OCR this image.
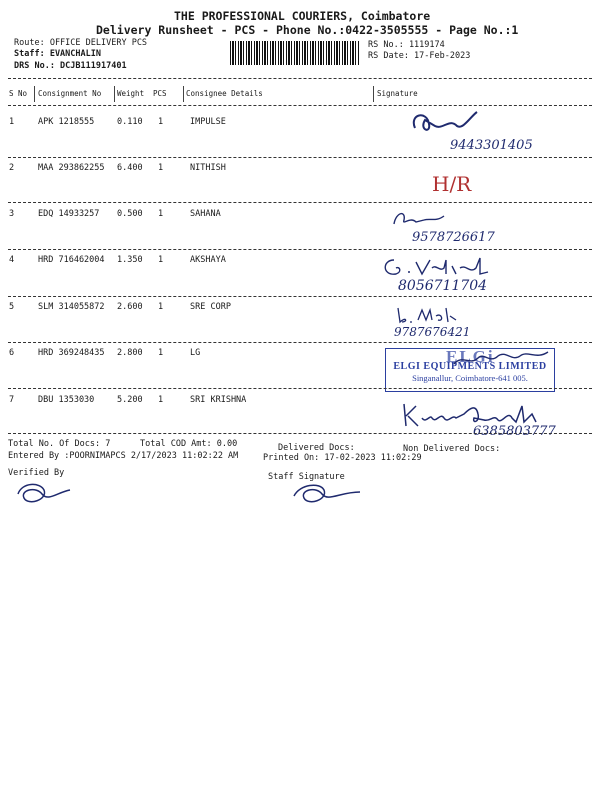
THE PROFESSIONAL COURIERS, Coimbatore
Delivery Runsheet - PCS - Phone No.:0422-3505555 - Page No.:1
Route: OFFICE DELIVERY PCS
Staff: EVANCHALIN
DRS No.: DCJB111917401
RS No.: 1119174
RS Date: 17-Feb-2023
S No Consignment No Weight PCS	Consignee Details	Signature
1	APK 1218555	0.110 1	IMPULSE
9443301405
2	MAA 293862255 6.400 1	NITHISH
H/R
3	EDQ 14933257 0.500 1	SAHANA
9578726617
4	HRD 716462004 1.350 1	AKSHAYA
8056711704
5	SLM 314055872 2.600 1	SRE CORP
9787676421
6	HRD 369248435 2.800 1	LG	ELGi
ELGI EQUIPMENTS LIMITED
Singanallur, Coimbatore-641 005.
7	DBU 1353030	5.200 1	SRI KRISHNA
6385803777
Total No. Of Docs: 7	Total COD Amt: 0.00	Delivered Docs:	Non Delivered Docs:
Entered By :POORNIMAPCS 2/17/2023 11:02:22 AM	Printed On: 17-02-2023 11:02:29
Verified By	Staff Signature
